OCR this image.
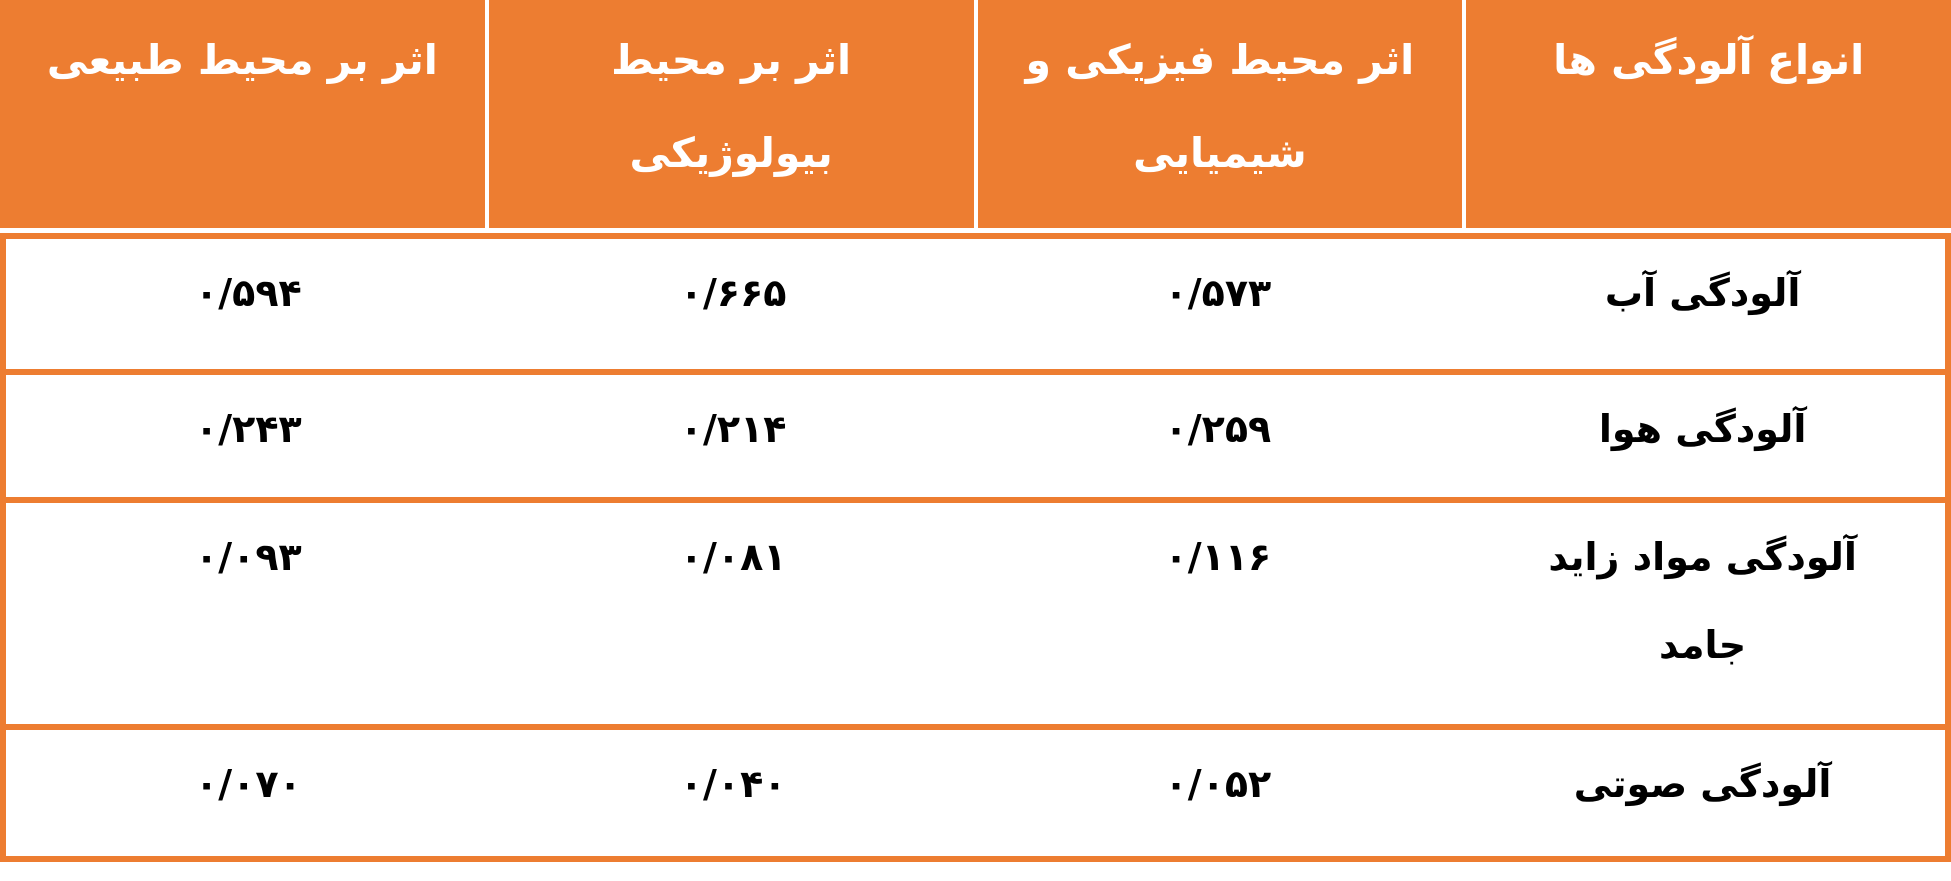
انواع آلودگی ها
اثر محیط فیزیکی و شیمیایی
اثر بر محیط بیولوژیکی
اثر بر محیط طبیعی
آلودگی آب
۰/۵۷۳
۰/۶۶۵
۰/۵۹۴
آلودگی هوا
۰/۲۵۹
۰/۲۱۴
۰/۲۴۳
آلودگی مواد زاید جامد
۰/۱۱۶
۰/۰۸۱
۰/۰۹۳
آلودگی صوتی
۰/۰۵۲
۰/۰۴۰
۰/۰۷۰
